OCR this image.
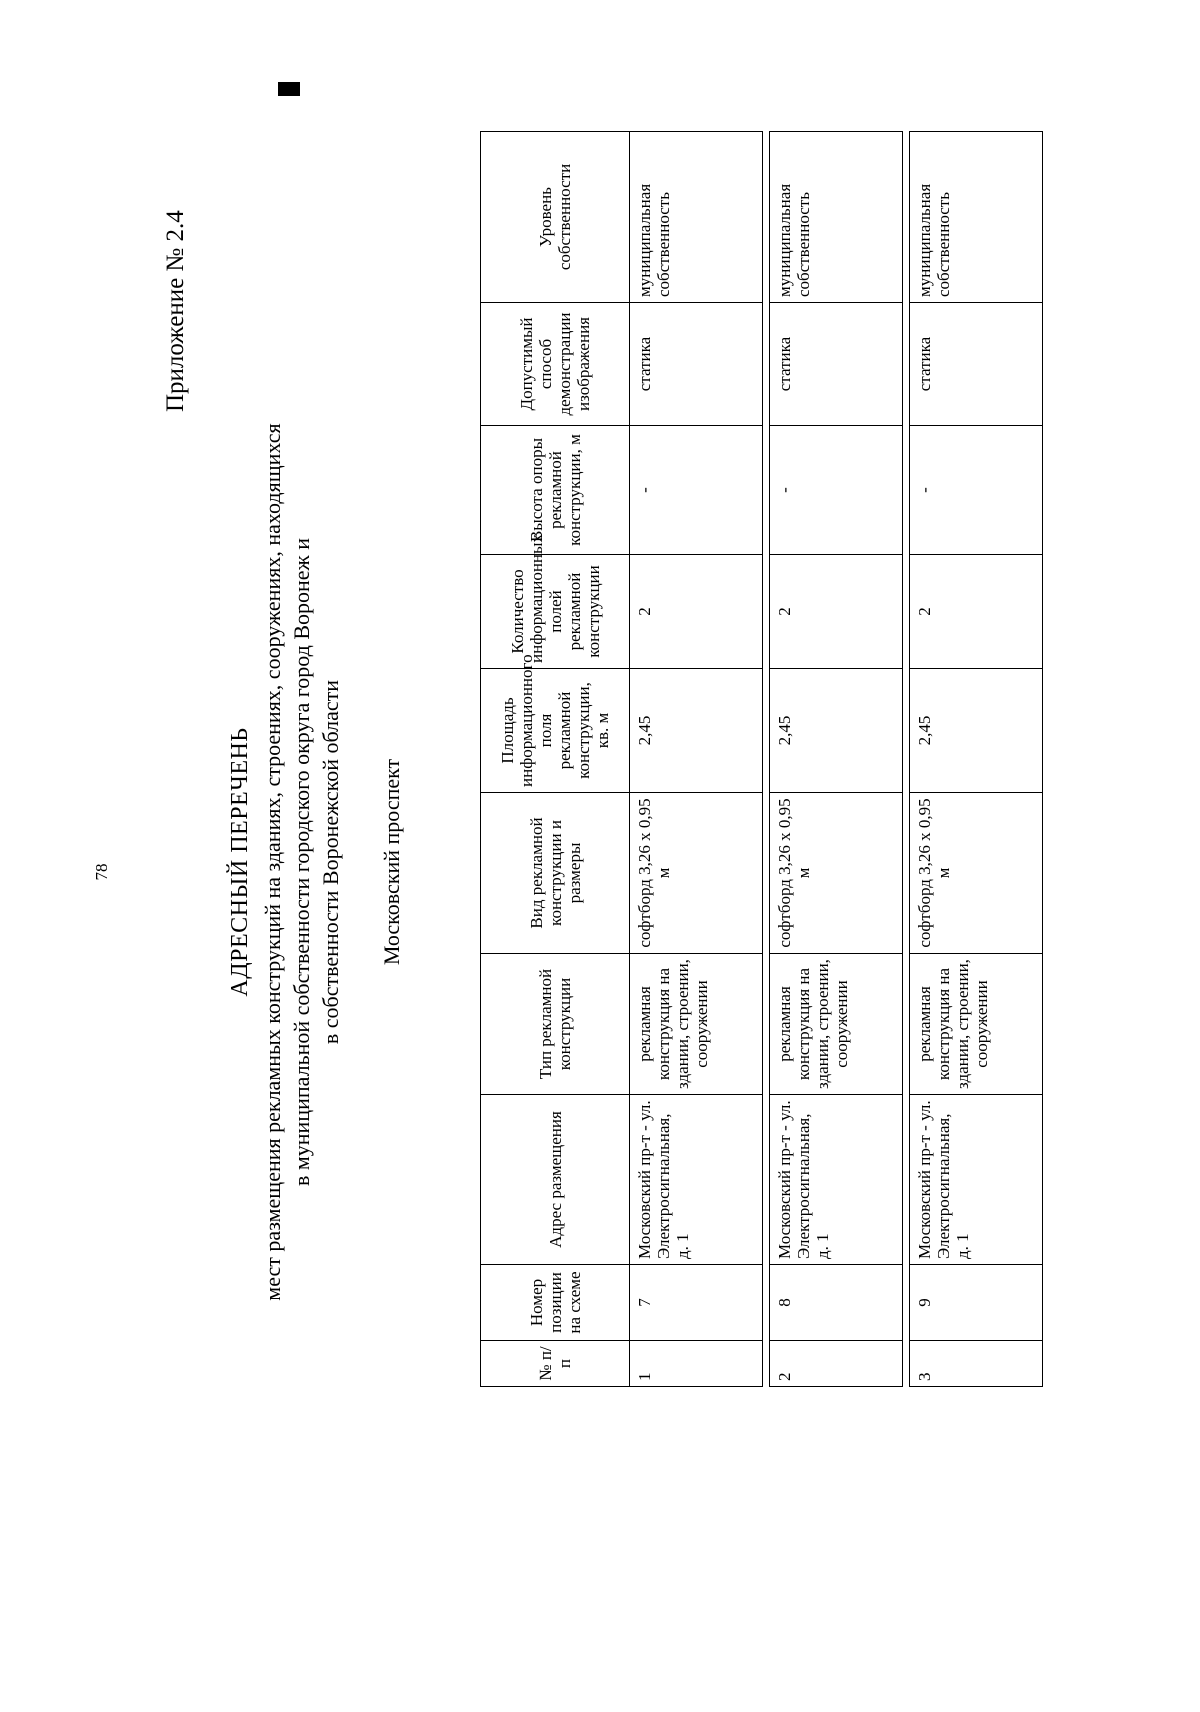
78
Приложение № 2.4
АДРЕСНЫЙ ПЕРЕЧЕНЬ мест размещения рекламных конструкций на зданиях, строениях, сооружениях, находящихся в муниципальной собственности городского округа город Воронеж и в собственности Воронежской области Московский проспект
№ п/п	Номер позиции на схеме	Адрес размещения	Тип рекламной конструкции	Вид рекламной конструкции и размеры	Площадь информационного поля рекламной конструкции, кв. м	Количество информационных полей рекламной конструкции	Высота опоры рекламной конструкции, м	Допустимый способ демонстрации изображения	Уровень собственности
1	7	Московский пр-т - ул. Электросигнальная, д. 1	рекламная конструкция на здании, строении, сооружении	софтборд 3,26 х 0,95 м	2,45	2	-	статика	муниципальная собственность

2	8	Московский пр-т - ул. Электросигнальная, д. 1	рекламная конструкция на здании, строении, сооружении	софтборд 3,26 х 0,95 м	2,45	2	-	статика	муниципальная собственность

3	9	Московский пр-т - ул. Электросигнальная, д. 1	рекламная конструкция на здании, строении, сооружении	софтборд 3,26 х 0,95 м	2,45	2	-	статика	муниципальная собственность
